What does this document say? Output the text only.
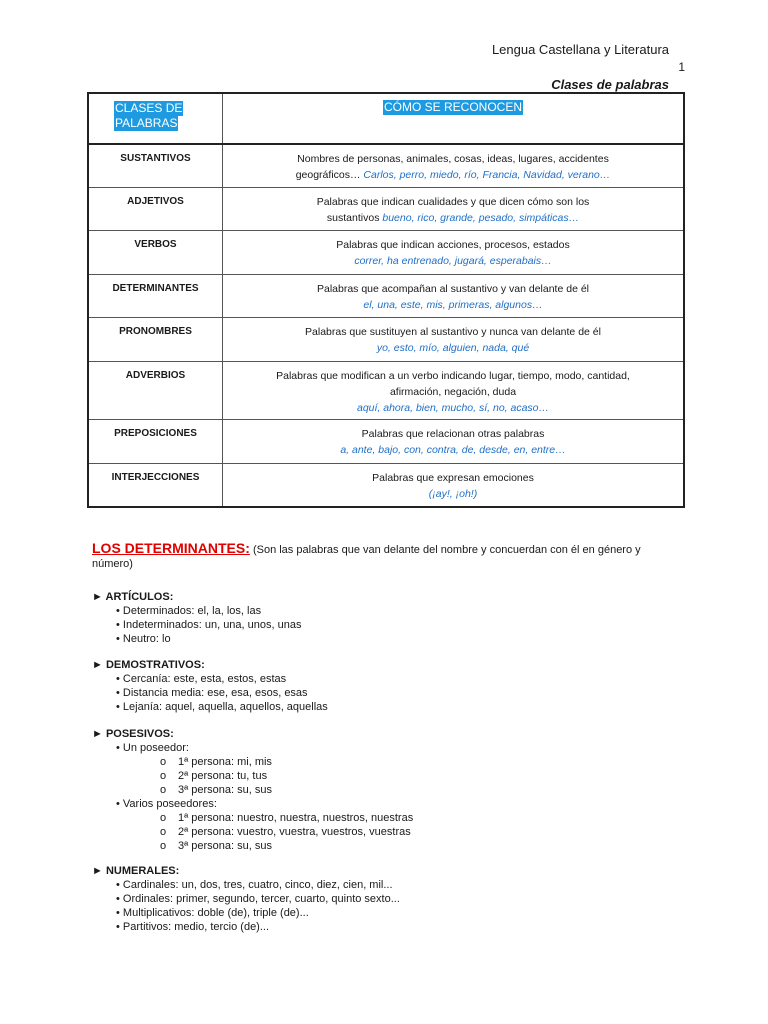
Lengua Castellana y Literatura
1
Clases de palabras
CLASES DE
PALABRAS	CÓMO SE RECONOCEN

SUSTANTIVOS	Nombres de personas, animales, cosas, ideas, lugares, accidentes
geográficos… Carlos, perro, miedo, río, Francia, Navidad, verano…

ADJETIVOS	Palabras que indican cualidades y que dicen cómo son los
sustantivos bueno, rico, grande, pesado, simpáticas…

VERBOS	Palabras que indican acciones, procesos, estados
correr, ha entrenado, jugará, esperabais…

DETERMINANTES	Palabras que acompañan al sustantivo y van delante de él
el, una, este, mis, primeras, algunos…

PRONOMBRES	Palabras que sustituyen al sustantivo y nunca van delante de él
yo, esto, mío, alguien, nada, qué

ADVERBIOS	Palabras que modifican a un verbo indicando lugar, tiempo, modo, cantidad,
afirmación, negación, duda
aquí, ahora, bien, mucho, sí, no, acaso…

PREPOSICIONES	Palabras que relacionan otras palabras
a, ante, bajo, con, contra, de, desde, en, entre…

INTERJECCIONES	Palabras que expresan emociones
(¡ay!, ¡oh!)
LOS DETERMINANTES: (Son las palabras que van delante del nombre y concuerdan con él en género y número)
► ARTÍCULOS:
• Determinados: el, la, los, las
• Indeterminados: un, una, unos, unas
• Neutro: lo
► DEMOSTRATIVOS:
• Cercanía: este, esta, estos, estas
• Distancia media: ese, esa, esos, esas
• Lejanía: aquel, aquella, aquellos, aquellas
► POSESIVOS:
• Un poseedor:
o 1ª persona: mi, mis
o 2ª persona: tu, tus
o 3ª persona: su, sus
• Varios poseedores:
o 1ª persona: nuestro, nuestra, nuestros, nuestras
o 2ª persona: vuestro, vuestra, vuestros, vuestras
o 3ª persona: su, sus
► NUMERALES:
• Cardinales: un, dos, tres, cuatro, cinco, diez, cien, mil...
• Ordinales: primer, segundo, tercer, cuarto, quinto sexto...
• Multiplicativos: doble (de), triple (de)...
• Partitivos: medio, tercio (de)...
